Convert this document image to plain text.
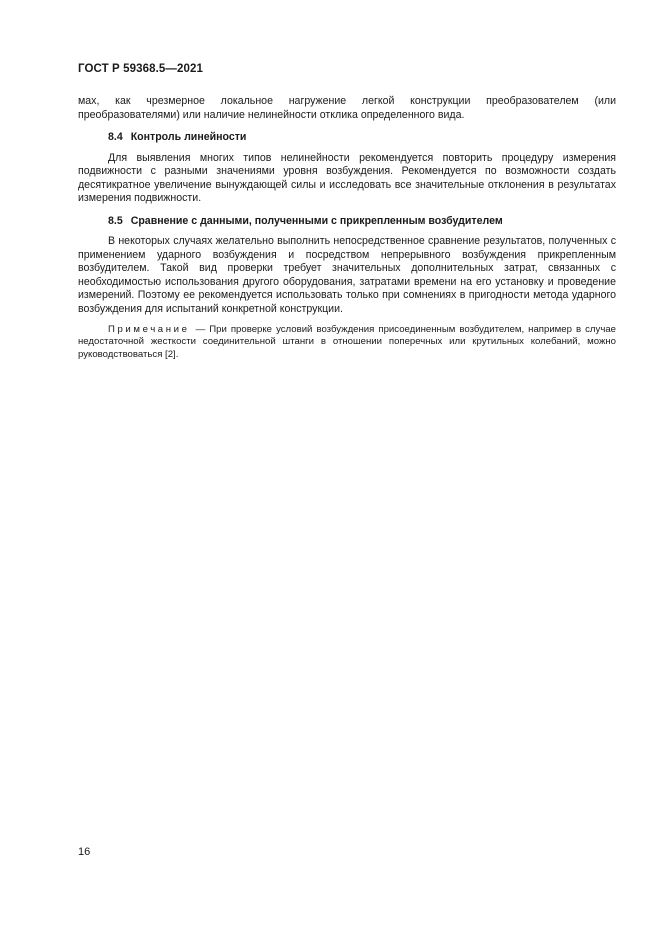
ГОСТ Р 59368.5—2021

мах, как чрезмерное локальное нагружение легкой конструкции преобразователем (или преобразователями) или наличие нелинейности отклика определенного вида.

8.4 Контроль линейности

Для выявления многих типов нелинейности рекомендуется повторить процедуру измерения подвижности с разными значениями уровня возбуждения. Рекомендуется по возможности создать десятикратное увеличение вынуждающей силы и исследовать все значительные отклонения в результатах измерения подвижности.

8.5 Сравнение с данными, полученными с прикрепленным возбудителем

В некоторых случаях желательно выполнить непосредственное сравнение результатов, полученных с применением ударного возбуждения и посредством непрерывного возбуждения прикрепленным возбудителем. Такой вид проверки требует значительных дополнительных затрат, связанных с необходимостью использования другого оборудования, затратами времени на его установку и проведение измерений. Поэтому ее рекомендуется использовать только при сомнениях в пригодности метода ударного возбуждения для испытаний конкретной конструкции.

Примечание — При проверке условий возбуждения присоединенным возбудителем, например в случае недостаточной жесткости соединительной штанги в отношении поперечных или крутильных колебаний, можно руководствоваться [2].

16
